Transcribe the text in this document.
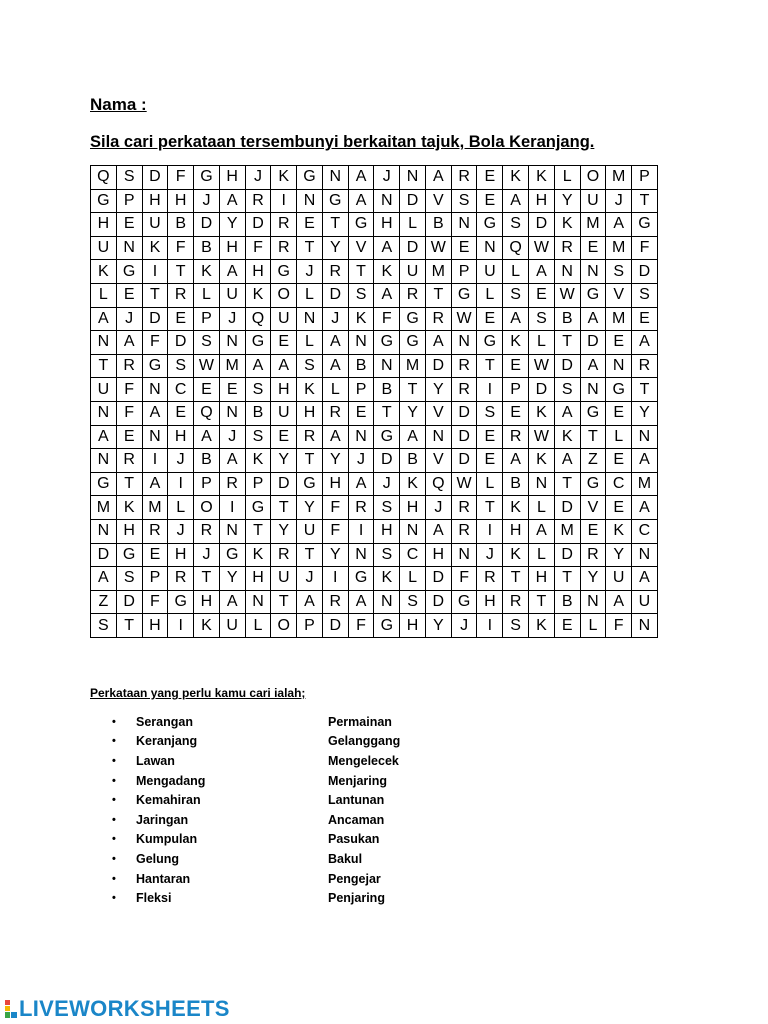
Nama :
Sila cari perkataan tersembunyi berkaitan tajuk, Bola Keranjang.
Q	S	D	F	G	H	J	K	G	N	A	J	N	A	R	E	K	K	L	O	M	P
G	P	H	H	J	A	R	I	N	G	A	N	D	V	S	E	A	H	Y	U	J	T
H	E	U	B	D	Y	D	R	E	T	G	H	L	B	N	G	S	D	K	M	A	G
U	N	K	F	B	H	F	R	T	Y	V	A	D	W	E	N	Q	W	R	E	M	F
K	G	I	T	K	A	H	G	J	R	T	K	U	M	P	U	L	A	N	N	S	D
L	E	T	R	L	U	K	O	L	D	S	A	R	T	G	L	S	E	W	G	V	S
A	J	D	E	P	J	Q	U	N	J	K	F	G	R	W	E	A	S	B	A	M	E
N	A	F	D	S	N	G	E	L	A	N	G	G	A	N	G	K	L	T	D	E	A
T	R	G	S	W	M	A	A	S	A	B	N	M	D	R	T	E	W	D	A	N	R
U	F	N	C	E	E	S	H	K	L	P	B	T	Y	R	I	P	D	S	N	G	T
N	F	A	E	Q	N	B	U	H	R	E	T	Y	V	D	S	E	K	A	G	E	Y
A	E	N	H	A	J	S	E	R	A	N	G	A	N	D	E	R	W	K	T	L	N
N	R	I	J	B	A	K	Y	T	Y	J	D	B	V	D	E	A	K	A	Z	E	A
G	T	A	I	P	R	P	D	G	H	A	J	K	Q	W	L	B	N	T	G	C	M
M	K	M	L	O	I	G	T	Y	F	R	S	H	J	R	T	K	L	D	V	E	A
N	H	R	J	R	N	T	Y	U	F	I	H	N	A	R	I	H	A	M	E	K	C
D	G	E	H	J	G	K	R	T	Y	N	S	C	H	N	J	K	L	D	R	Y	N
A	S	P	R	T	Y	H	U	J	I	G	K	L	D	F	R	T	H	T	Y	U	A
Z	D	F	G	H	A	N	T	A	R	A	N	S	D	G	H	R	T	B	N	A	U
S	T	H	I	K	U	L	O	P	D	F	G	H	Y	J	I	S	K	E	L	F	N
Perkataan yang perlu kamu cari ialah;
•	Serangan	Permainan
•	Keranjang	Gelanggang
•	Lawan	Mengelecek
•	Mengadang	Menjaring
•	Kemahiran	Lantunan
•	Jaringan	Ancaman
•	Kumpulan	Pasukan
•	Gelung	Bakul
•	Hantaran	Pengejar
•	Fleksi	Penjaring
LIVEWORKSHEETS
